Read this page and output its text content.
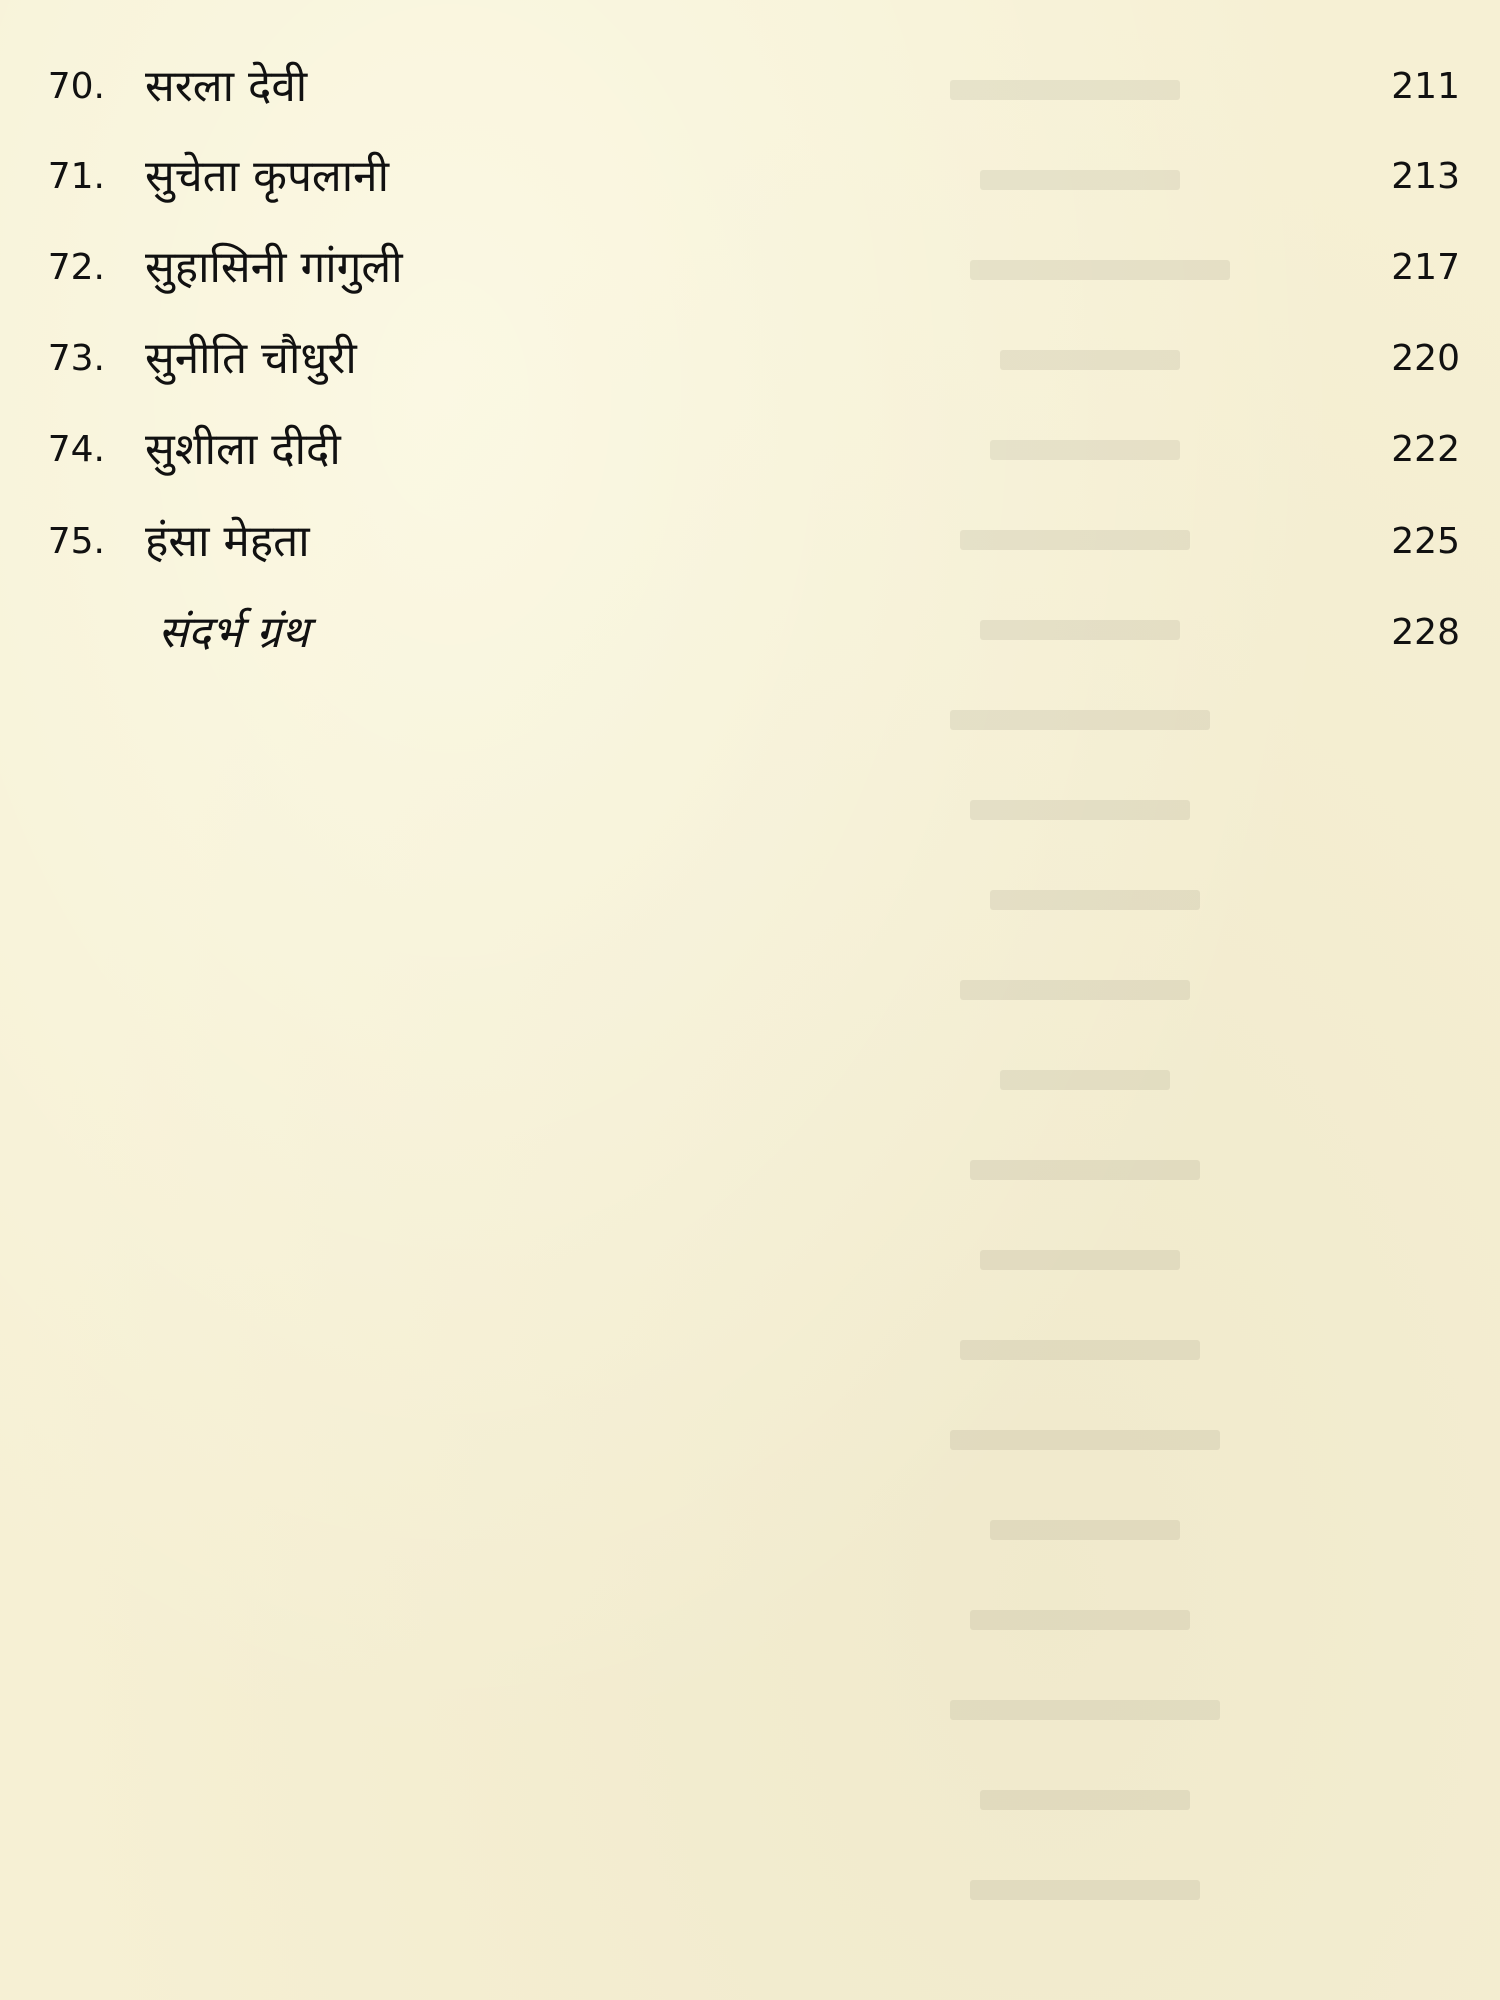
70. सरला देवी	211
71. सुचेता कृपलानी	213
72. सुहासिनी गांगुली	217
73. सुनीति चौधुरी	220
74. सुशीला दीदी	222
75. हंसा मेहता	225
संदर्भ ग्रंथ	228
